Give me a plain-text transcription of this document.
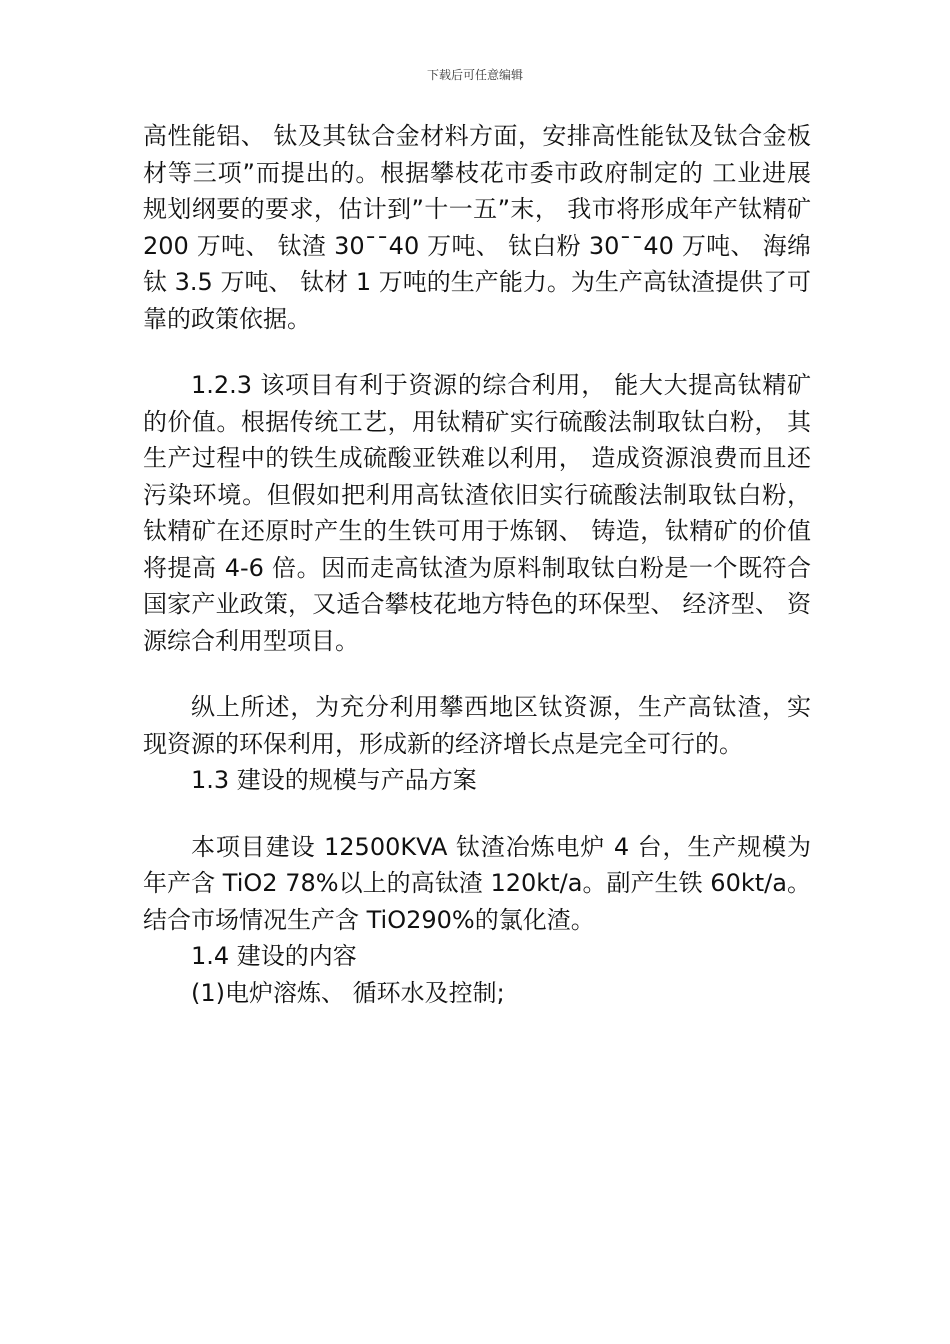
下载后可任意编辑

高性能铝、 钛及其钛合金材料方面，安排高性能钛及钛合金板材等三项”而提出的。根据攀枝花市委市政府制定的 工业进展规划纲要的要求，估计到”十一五”末， 我市将形成年产钛精矿 200 万吨、 钛渣 30¯¯40 万吨、 钛白粉 30¯¯40 万吨、 海绵钛 3.5 万吨、 钛材 1 万吨的生产能力。为生产高钛渣提供了可靠的政策依据。

1.2.3 该项目有利于资源的综合利用， 能大大提高钛精矿的价值。根据传统工艺，用钛精矿实行硫酸法制取钛白粉， 其生产过程中的铁生成硫酸亚铁难以利用， 造成资源浪费而且还污染环境。但假如把利用高钛渣依旧实行硫酸法制取钛白粉，钛精矿在还原时产生的生铁可用于炼钢、 铸造，钛精矿的价值将提高 4-6 倍。因而走高钛渣为原料制取钛白粉是一个既符合国家产业政策，又适合攀枝花地方特色的环保型、 经济型、 资源综合利用型项目。

纵上所述，为充分利用攀西地区钛资源，生产高钛渣，实现资源的环保利用，形成新的经济增长点是完全可行的。

1.3 建设的规模与产品方案

本项目建设 12500KVA 钛渣冶炼电炉 4 台，生产规模为年产含 TiO2 78%以上的高钛渣 120kt/a。副产生铁 60kt/a。结合市场情况生产含 TiO290%的氯化渣。

1.4 建设的内容

(1)电炉溶炼、 循环水及控制;
